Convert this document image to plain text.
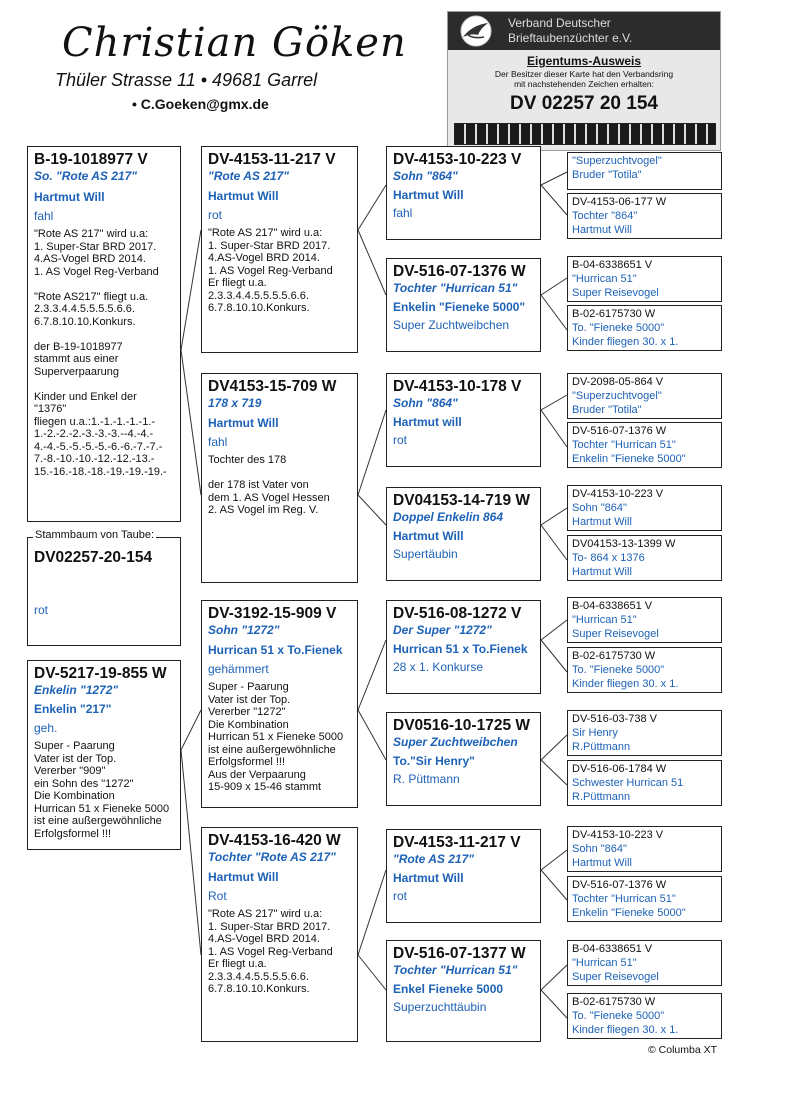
Christian Göken
Thüler Strasse 11 • 49681 Garrel
• C.Goeken@gmx.de
Verband Deutscher
Brieftaubenzüchter e.V.
Eigentums-Ausweis
Der Besitzer dieser Karte hat den Verbandsring
mit nachstehenden Zeichen erhalten:
DV 02257 20 154
B-19-1018977 V
So. "Rote AS 217"
Hartmut Will
fahl
"Rote AS 217" wird u.a:
1. Super-Star BRD 2017.
4.AS-Vogel BRD 2014.
1. AS Vogel Reg-Verband

"Rote AS217" fliegt u.a.
2.3.3.4.4.5.5.5.5.6.6.
6.7.8.10.10.Konkurs.

der B-19-1018977
stammt aus einer
Superverpaarung

Kinder und Enkel der
"1376"
fliegen u.a.:1.-1.-1.-1.-1.-
1.-2.-2.-2.-3.-3.-3.--4.-4.-
4.-4.-5.-5.-5.-5.-6.-6.-7.-7.-
7.-8.-10.-10.-12.-12.-13.-
15.-16.-18.-18.-19.-19.-19.-
Stammbaum von Taube:
DV02257-20-154
rot
DV-5217-19-855 W
Enkelin "1272"
Enkelin "217"
geh.
Super - Paarung
Vater ist der Top.
Vererber "909"
ein Sohn des "1272"
Die Kombination
Hurrican 51 x Fieneke 5000
ist eine außergewöhnliche
Erfolgsformel !!!
DV-4153-11-217 V
"Rote AS 217"
Hartmut Will
rot
"Rote AS 217" wird u.a:
1. Super-Star BRD 2017.
4.AS-Vogel BRD 2014.
1. AS Vogel Reg-Verband
Er fliegt u.a.
2.3.3.4.4.5.5.5.5.6.6.
6.7.8.10.10.Konkurs.
DV4153-15-709 W
178 x 719
Hartmut Will
fahl
Tochter des 178

der 178 ist Vater von
dem 1. AS Vogel Hessen
2. AS Vogel im Reg. V.
DV-3192-15-909 V
Sohn "1272"
Hurrican 51 x To.Fienek
gehämmert
Super - Paarung
Vater ist der Top.
Vererber "1272"
Die Kombination
Hurrican 51 x Fieneke 5000
ist eine außergewöhnliche
Erfolgsformel !!!
Aus der Verpaarung
15-909 x 15-46 stammt
DV-4153-16-420 W
Tochter "Rote AS 217"
Hartmut Will
Rot
"Rote AS 217" wird u.a:
1. Super-Star BRD 2017.
4.AS-Vogel BRD 2014.
1. AS Vogel Reg-Verband
Er fliegt u.a.
2.3.3.4.4.5.5.5.5.6.6.
6.7.8.10.10.Konkurs.
DV-4153-10-223 V
Sohn "864"
Hartmut Will
fahl
DV-516-07-1376 W
Tochter "Hurrican 51"
Enkelin "Fieneke 5000"
Super Zuchtweibchen
DV-4153-10-178 V
Sohn "864"
Hartmut will
rot
DV04153-14-719 W
Doppel Enkelin 864
Hartmut Will
Supertäubin
DV-516-08-1272 V
Der Super "1272"
Hurrican 51 x To.Fienek
28 x 1. Konkurse
DV0516-10-1725 W
Super Zuchtweibchen
To."Sir Henry"
R. Püttmann
DV-4153-11-217 V
"Rote AS 217"
Hartmut Will
rot
DV-516-07-1377 W
Tochter "Hurrican 51"
Enkel Fieneke 5000
Superzuchttäubin
"Superzuchtvogel"
Bruder "Totila"
DV-4153-06-177 W
Tochter "864"
Hartmut Will
B-04-6338651 V
"Hurrican 51"
Super Reisevogel
B-02-6175730 W
To. "Fieneke 5000"
Kinder fliegen 30. x 1.
DV-2098-05-864 V
"Superzuchtvogel"
Bruder "Totila"
DV-516-07-1376 W
Tochter "Hurrican 51"
Enkelin "Fieneke 5000"
DV-4153-10-223 V
Sohn "864"
Hartmut Will
DV04153-13-1399 W
To- 864 x 1376
Hartmut Will
B-04-6338651 V
"Hurrican 51"
Super Reisevogel
B-02-6175730 W
To. "Fieneke 5000"
Kinder fliegen 30. x 1.
DV-516-03-738 V
Sir Henry
R.Püttmann
DV-516-06-1784 W
Schwester Hurrican 51
R.Püttmann
DV-4153-10-223 V
Sohn "864"
Hartmut Will
DV-516-07-1376 W
Tochter "Hurrican 51"
Enkelin "Fieneke 5000"
B-04-6338651 V
"Hurrican 51"
Super Reisevogel
B-02-6175730 W
To. "Fieneke 5000"
Kinder fliegen 30. x 1.
© Columba XT
